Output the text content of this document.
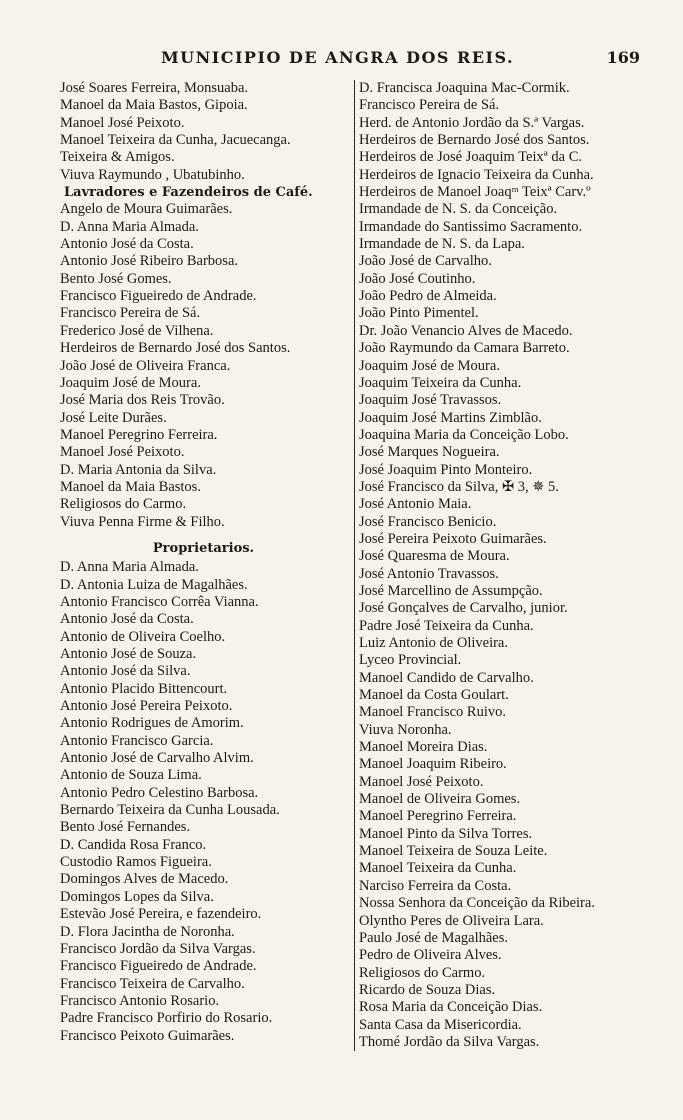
MUNICIPIO DE ANGRA DOS REIS.	169
José Soares Ferreira, Monsuaba.
Manoel da Maia Bastos, Gipoia.
Manoel José Peixoto.
Manoel Teixeira da Cunha, Jacuecanga.
Teixeira & Amigos.
Viuva Raymundo , Ubatubinho.
Lavradores e Fazendeiros de Café.
Angelo de Moura Guimarães.
D. Anna Maria Almada.
Antonio José da Costa.
Antonio José Ribeiro Barbosa.
Bento José Gomes.
Francisco Figueiredo de Andrade.
Francisco Pereira de Sá.
Frederico José de Vilhena.
Herdeiros de Bernardo José dos Santos.
João José de Oliveira Franca.
Joaquim José de Moura.
José Maria dos Reis Trovão.
José Leite Durães.
Manoel Peregrino Ferreira.
Manoel José Peixoto.
D. Maria Antonia da Silva.
Manoel da Maia Bastos.
Religiosos do Carmo.
Viuva Penna Firme & Filho.
Proprietarios.
D. Anna Maria Almada.
D. Antonia Luiza de Magalhães.
Antonio Francisco Corrêa Vianna.
Antonio José da Costa.
Antonio de Oliveira Coelho.
Antonio José de Souza.
Antonio José da Silva.
Antonio Placido Bittencourt.
Antonio José Pereira Peixoto.
Antonio Rodrigues de Amorim.
Antonio Francisco Garcia.
Antonio José de Carvalho Alvim.
Antonio de Souza Lima.
Antonio Pedro Celestino Barbosa.
Bernardo Teixeira da Cunha Lousada.
Bento José Fernandes.
D. Candida Rosa Franco.
Custodio Ramos Figueira.
Domingos Alves de Macedo.
Domingos Lopes da Silva.
Estevão José Pereira, e fazendeiro.
D. Flora Jacintha de Noronha.
Francisco Jordão da Silva Vargas.
Francisco Figueiredo de Andrade.
Francisco Teixeira de Carvalho.
Francisco Antonio Rosario.
Padre Francisco Porfirio do Rosario.
Francisco Peixoto Guimarães.
D. Francisca Joaquina Mac-Cormik.
Francisco Pereira de Sá.
Herd. de Antonio Jordão da S.ª Vargas.
Herdeiros de Bernardo José dos Santos.
Herdeiros de José Joaquim Teixª da C.
Herdeiros de Ignacio Teixeira da Cunha.
Herdeiros de Manoel Joaqᵐ Teixª Carv.º
Irmandade de N. S. da Conceição.
Irmandade do Santissimo Sacramento.
Irmandade de N. S. da Lapa.
João José de Carvalho.
João José Coutinho.
João Pedro de Almeida.
João Pinto Pimentel.
Dr. João Venancio Alves de Macedo.
João Raymundo da Camara Barreto.
Joaquim José de Moura.
Joaquim Teixeira da Cunha.
Joaquim José Travassos.
Joaquim José Martins Zimblão.
Joaquina Maria da Conceição Lobo.
José Marques Nogueira.
José Joaquim Pinto Monteiro.
José Francisco da Silva, ✠ 3, ✵ 5.
José Antonio Maia.
José Francisco Benicio.
José Pereira Peixoto Guimarães.
José Quaresma de Moura.
José Antonio Travassos.
José Marcellino de Assumpção.
José Gonçalves de Carvalho, junior.
Padre José Teixeira da Cunha.
Luiz Antonio de Oliveira.
Lyceo Provincial.
Manoel Candido de Carvalho.
Manoel da Costa Goulart.
Manoel Francisco Ruivo.
Viuva Noronha.
Manoel Moreira Dias.
Manoel Joaquim Ribeiro.
Manoel José Peixoto.
Manoel de Oliveira Gomes.
Manoel Peregrino Ferreira.
Manoel Pinto da Silva Torres.
Manoel Teixeira de Souza Leite.
Manoel Teixeira da Cunha.
Narciso Ferreira da Costa.
Nossa Senhora da Conceição da Ribeira.
Olyntho Peres de Oliveira Lara.
Paulo José de Magalhães.
Pedro de Oliveira Alves.
Religiosos do Carmo.
Ricardo de Souza Dias.
Rosa Maria da Conceição Dias.
Santa Casa da Misericordia.
Thomé Jordão da Silva Vargas.
